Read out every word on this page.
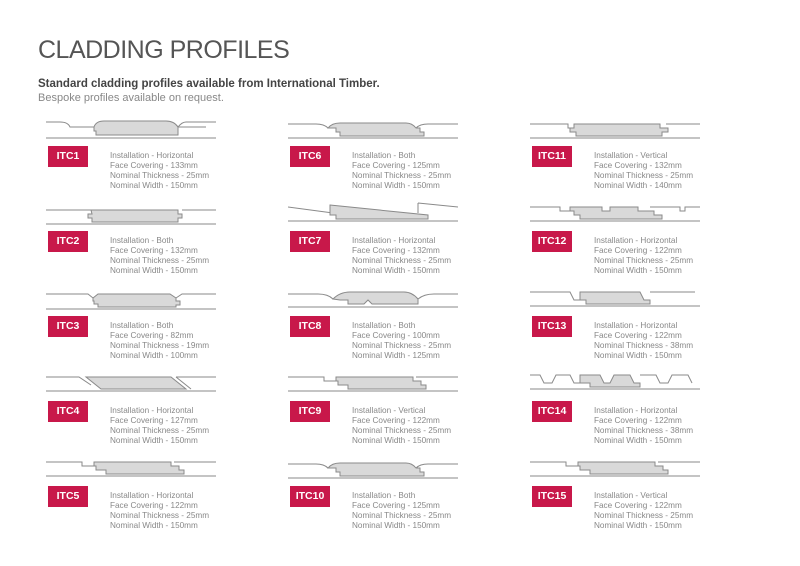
CLADDING PROFILES

Standard cladding profiles available from International Timber.

Bespoke profiles available on request.

ITC1	Installation - Horizontal
Face Covering - 133mm
Nominal Thickness - 25mm
Nominal Width - 150mm
ITC2	Installation - Both
Face Covering - 132mm
Nominal Thickness - 25mm
Nominal Width - 150mm
ITC3	Installation - Both
Face Covering - 82mm
Nominal Thickness - 19mm
Nominal Width - 100mm
ITC4	Installation - Horizontal
Face Covering - 127mm
Nominal Thickness - 25mm
Nominal Width - 150mm
ITC5	Installation - Horizontal
Face Covering - 122mm
Nominal Thickness - 25mm
Nominal Width - 150mm
ITC6	Installation - Both
Face Covering - 125mm
Nominal Thickness - 25mm
Nominal Width - 150mm
ITC7	Installation - Horizontal
Face Covering - 132mm
Nominal Thickness - 25mm
Nominal Width - 150mm
ITC8	Installation - Both
Face Covering - 100mm
Nominal Thickness - 25mm
Nominal Width - 125mm
ITC9	Installation - Vertical
Face Covering - 122mm
Nominal Thickness - 25mm
Nominal Width - 150mm
ITC10	Installation - Both
Face Covering - 125mm
Nominal Thickness - 25mm
Nominal Width - 150mm
ITC11	Installation - Vertical
Face Covering - 132mm
Nominal Thickness - 25mm
Nominal Width - 140mm
ITC12	Installation - Horizontal
Face Covering - 122mm
Nominal Thickness - 25mm
Nominal Width - 150mm
ITC13	Installation - Horizontal
Face Covering - 122mm
Nominal Thickness - 38mm
Nominal Width - 150mm
ITC14	Installation - Horizontal
Face Covering - 122mm
Nominal Thickness - 38mm
Nominal Width - 150mm
ITC15	Installation - Vertical
Face Covering - 122mm
Nominal Thickness - 25mm
Nominal Width - 150mm
